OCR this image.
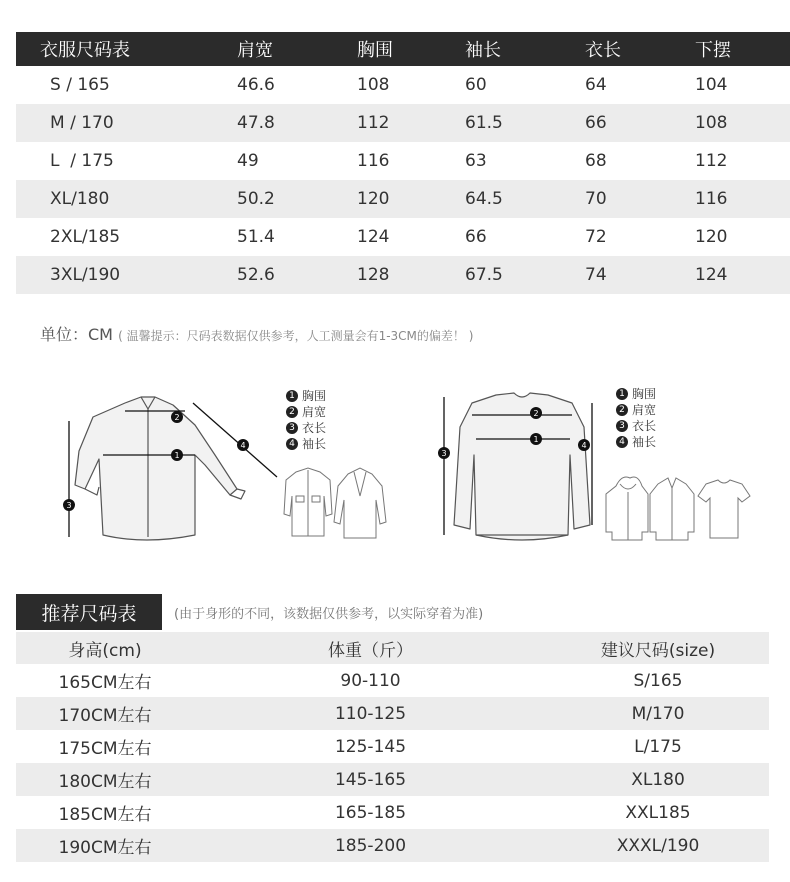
衣服尺码表	肩宽	胸围	袖长	衣长	下摆
S / 165	46.6	108	60	64	104
M / 170	47.8	112	61.5	66	108
L  / 175	49	116	63	68	112
XL/180	50.2	120	64.5	70	116
2XL/185	51.4	124	66	72	120
3XL/190	52.6	128	67.5	74	124
单位：CM ( 温馨提示：尺码表数据仅供参考，人工测量会有1-3CM的偏差！ )
2
1
3
4
1 胸围
2 肩宽
3 衣长
4 袖长
2
1
3
4
1 胸围
2 肩宽
3 衣长
4 袖长
推荐尺码表	(由于身形的不同，该数据仅供参考，以实际穿着为准)
身高(cm)	体重（斤）	建议尺码(size)
165CM左右	90-110	S/165
170CM左右	110-125	M/170
175CM左右	125-145	L/175
180CM左右	145-165	XL180
185CM左右	165-185	XXL185
190CM左右	185-200	XXXL/190
